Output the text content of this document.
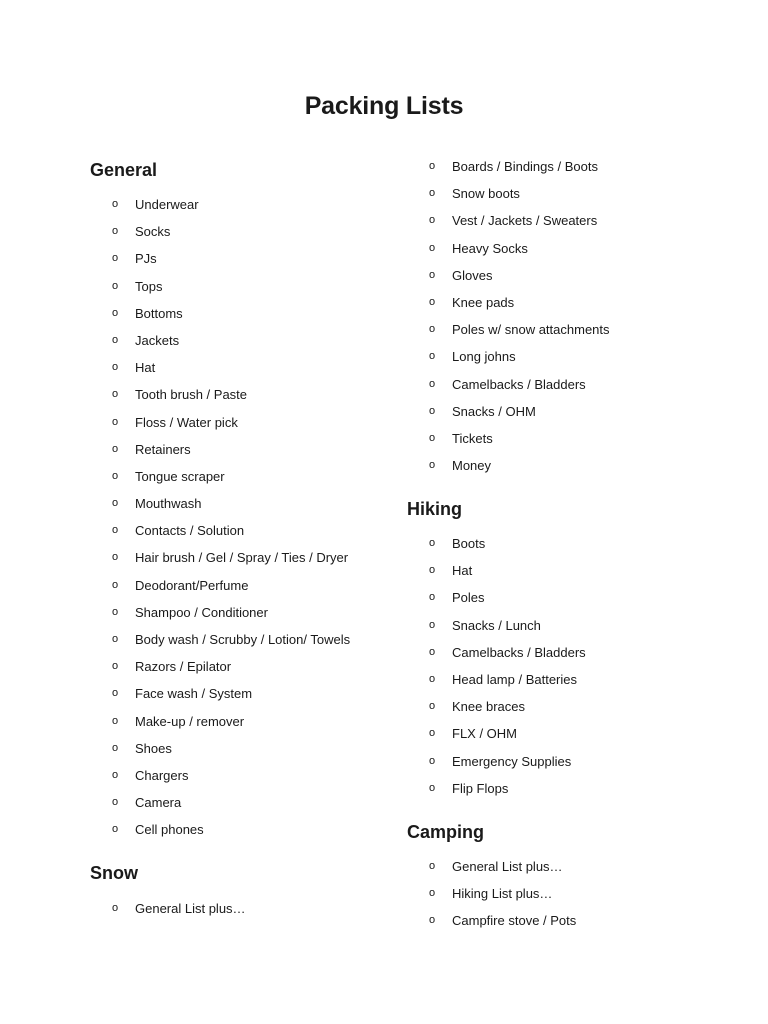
Packing Lists
General
o Underwear
o Socks
o PJs
o Tops
o Bottoms
o Jackets
o Hat
o Tooth brush / Paste
o Floss / Water pick
o Retainers
o Tongue scraper
o Mouthwash
o Contacts / Solution
o Hair brush / Gel / Spray / Ties / Dryer
o Deodorant/Perfume
o Shampoo / Conditioner
o Body wash / Scrubby / Lotion/ Towels
o Razors / Epilator
o Face wash / System
o Make-up / remover
o Shoes
o Chargers
o Camera
o Cell phones
Snow
o General List plus…
o Boards / Bindings / Boots
o Snow boots
o Vest / Jackets / Sweaters
o Heavy Socks
o Gloves
o Knee pads
o Poles w/ snow attachments
o Long johns
o Camelbacks / Bladders
o Snacks / OHM
o Tickets
o Money
Hiking
o Boots
o Hat
o Poles
o Snacks / Lunch
o Camelbacks / Bladders
o Head lamp / Batteries
o Knee braces
o FLX / OHM
o Emergency Supplies
o Flip Flops
Camping
o General List plus…
o Hiking List plus…
o Campfire stove / Pots
